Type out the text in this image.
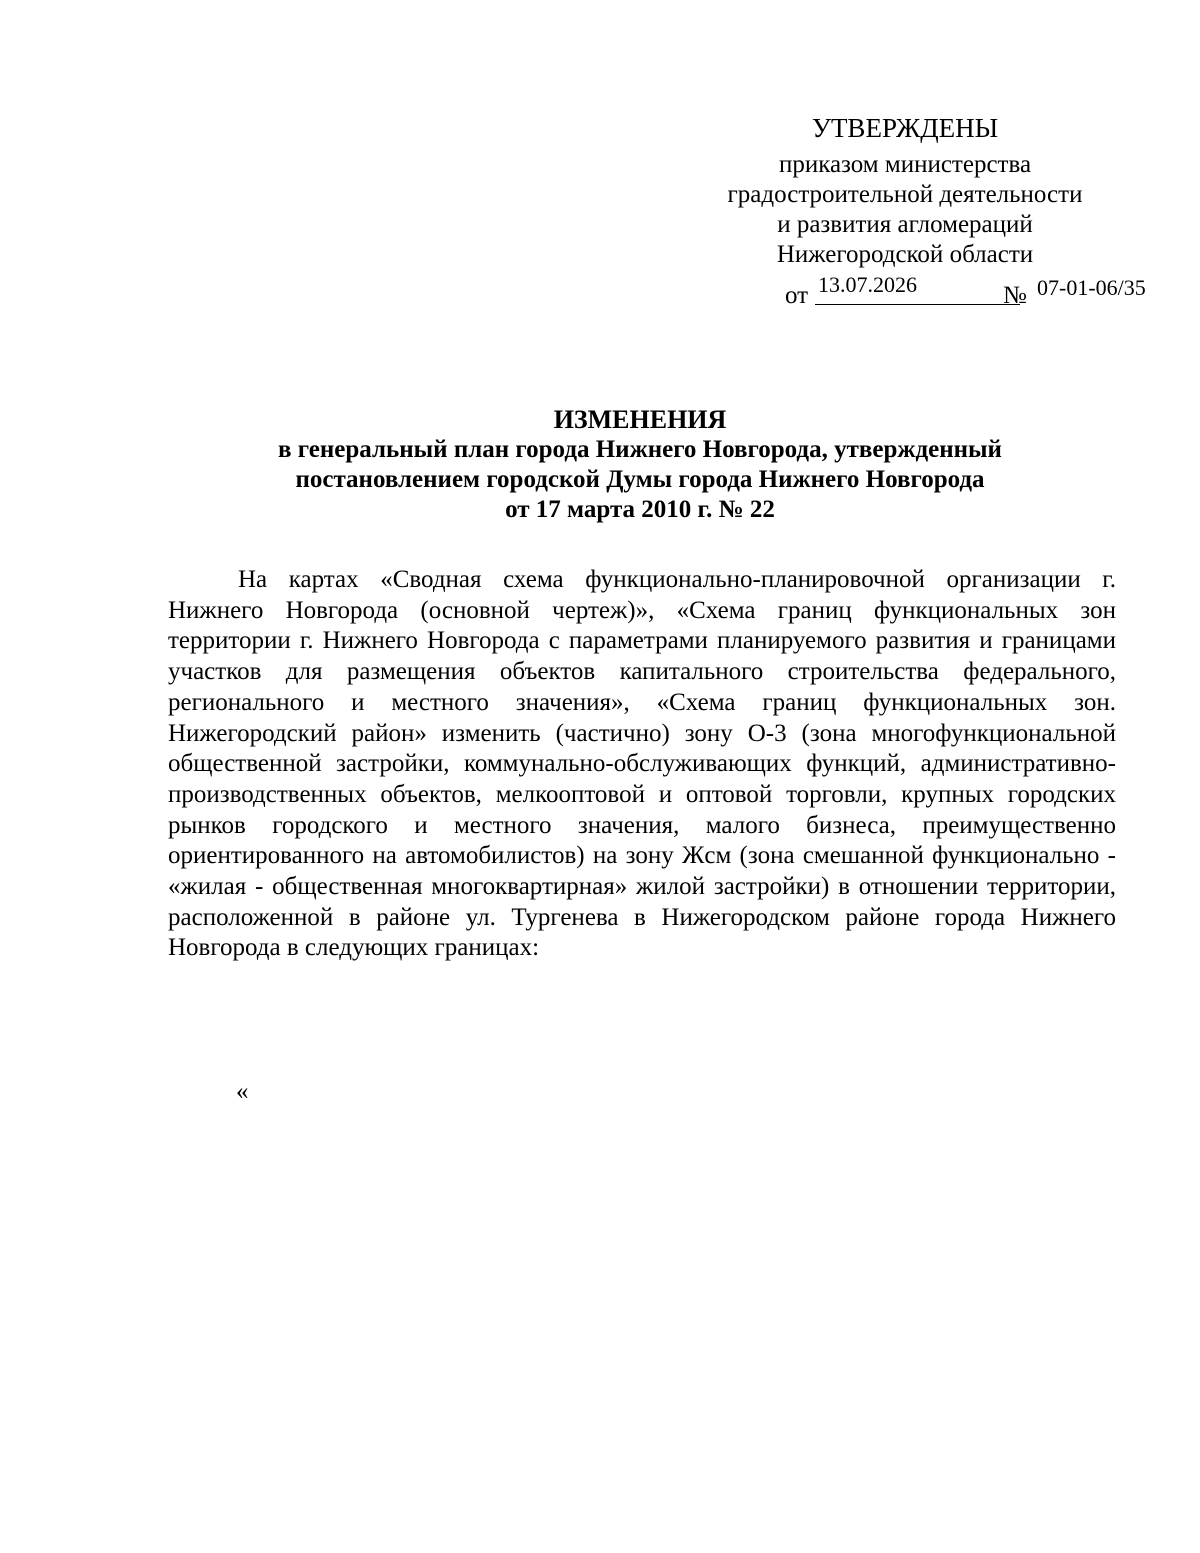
УТВЕРЖДЕНЫ
приказом министерства
градостроительной деятельности
и развития агломераций
Нижегородской области
от 13.07.2026	№ 07-01-06/35
ИЗМЕНЕНИЯ
в генеральный план города Нижнего Новгорода, утвержденный
постановлением городской Думы города Нижнего Новгорода
от 17 марта 2010 г. № 22

На картах «Сводная схема функционально-планировочной организации г. Нижнего Новгорода (основной чертеж)», «Схема границ функциональных зон территории г. Нижнего Новгорода с параметрами планируемого развития и границами участков для размещения объектов капитального строительства федерального, регионального и местного значения», «Схема границ функциональных зон. Нижегородский район» изменить (частично) зону О-3 (зона многофункциональной общественной застройки, коммунально-обслуживающих функций, административно-производственных объектов, мелкооптовой и оптовой торговли, крупных городских рынков городского и местного значения, малого бизнеса, преимущественно ориентированного на автомобилистов) на зону Жсм (зона смешанной функционально - «жилая - общественная многоквартирная» жилой застройки) в отношении территории, расположенной в районе ул. Тургенева в Нижегородском районе города Нижнего Новгорода в следующих границах:

«
